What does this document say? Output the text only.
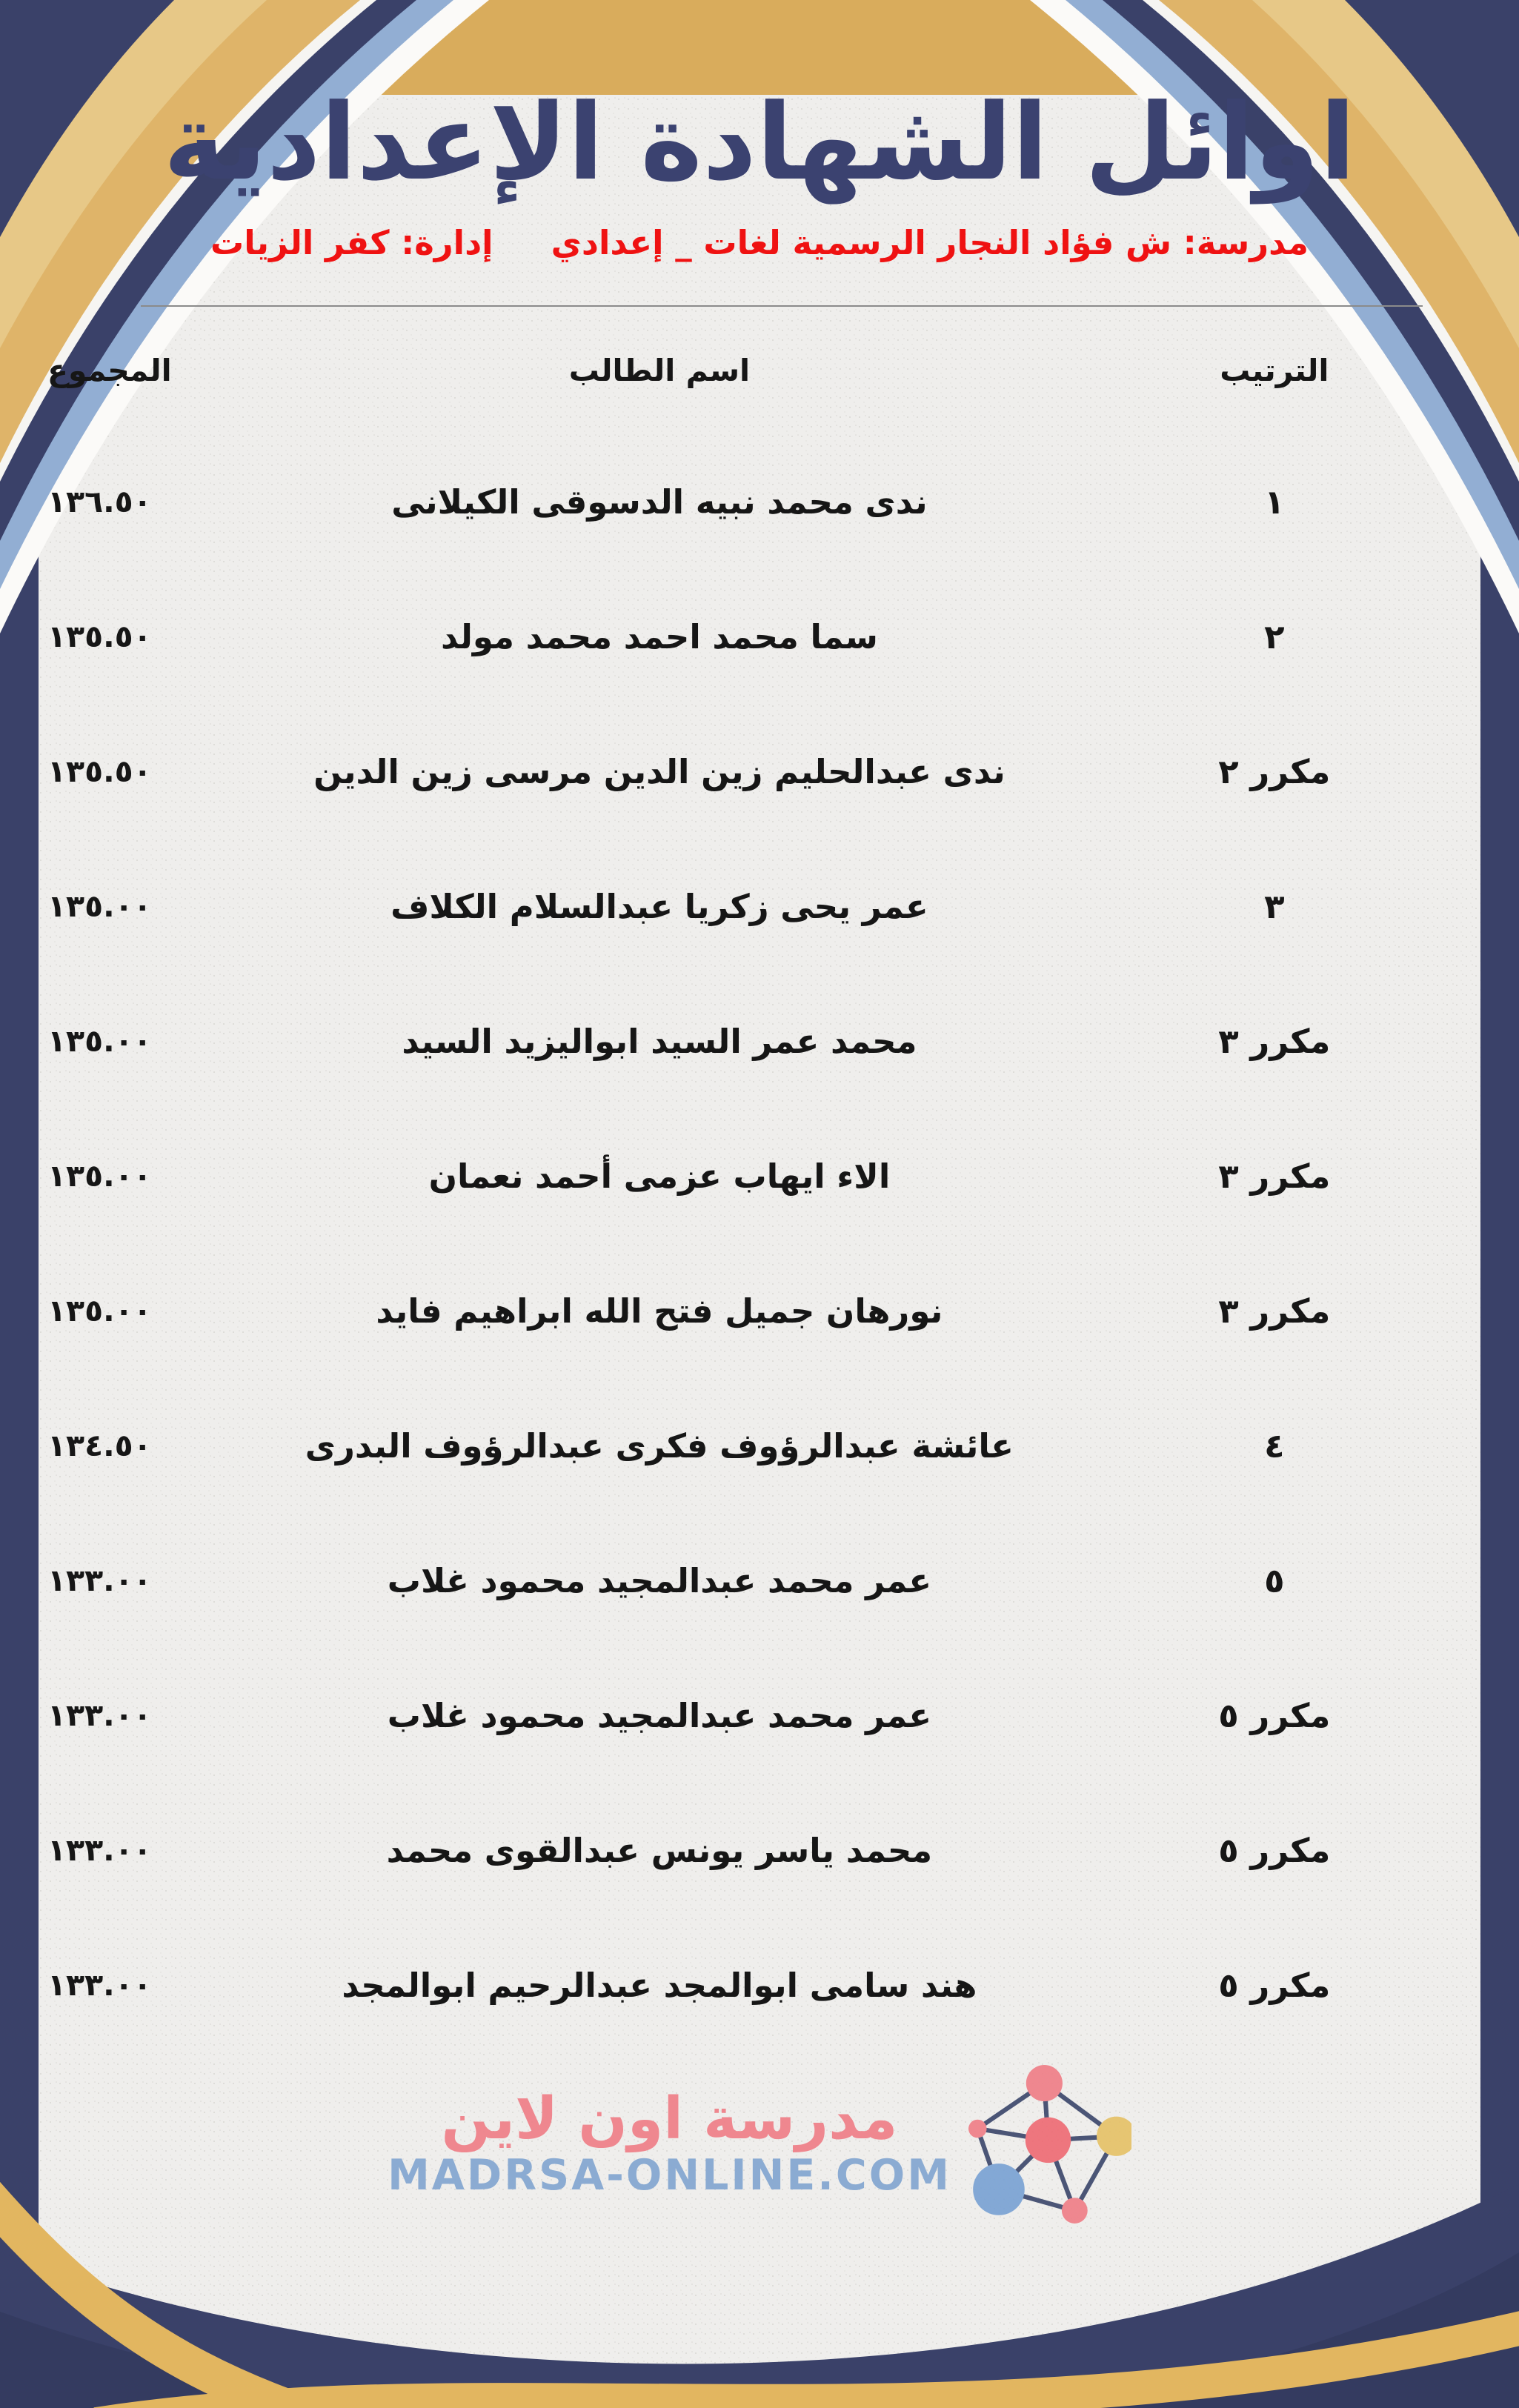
اوائل الشهادة الإعدادية
مدرسة: ش فؤاد النجار الرسمية لغات _ إعدادي
إدارة: كفر الزيات
الترتيب
اسم الطالب
المجموع
١
ندى محمد نبيه الدسوقى الكيلانى
١٣٦.٥٠
٢
سما محمد احمد محمد مولد
١٣٥.٥٠
مكرر ٢
ندى عبدالحليم زين الدين مرسى زين الدين
١٣٥.٥٠
٣
عمر يحى زكريا عبدالسلام الكلاف
١٣٥.٠٠
مكرر ٣
محمد عمر السيد ابواليزيد السيد
١٣٥.٠٠
مكرر ٣
الاء ايهاب عزمى أحمد نعمان
١٣٥.٠٠
مكرر ٣
نورهان جميل فتح الله ابراهيم فايد
١٣٥.٠٠
٤
عائشة عبدالرؤوف فكرى عبدالرؤوف البدرى
١٣٤.٥٠
٥
عمر محمد عبدالمجيد محمود غلاب
١٣٣.٠٠
مكرر ٥
عمر محمد عبدالمجيد محمود غلاب
١٣٣.٠٠
مكرر ٥
محمد ياسر يونس عبدالقوى محمد
١٣٣.٠٠
مكرر ٥
هند سامى ابوالمجد عبدالرحيم ابوالمجد
١٣٣.٠٠
مدرسة اون لاين
MADRSA-ONLINE.COM
